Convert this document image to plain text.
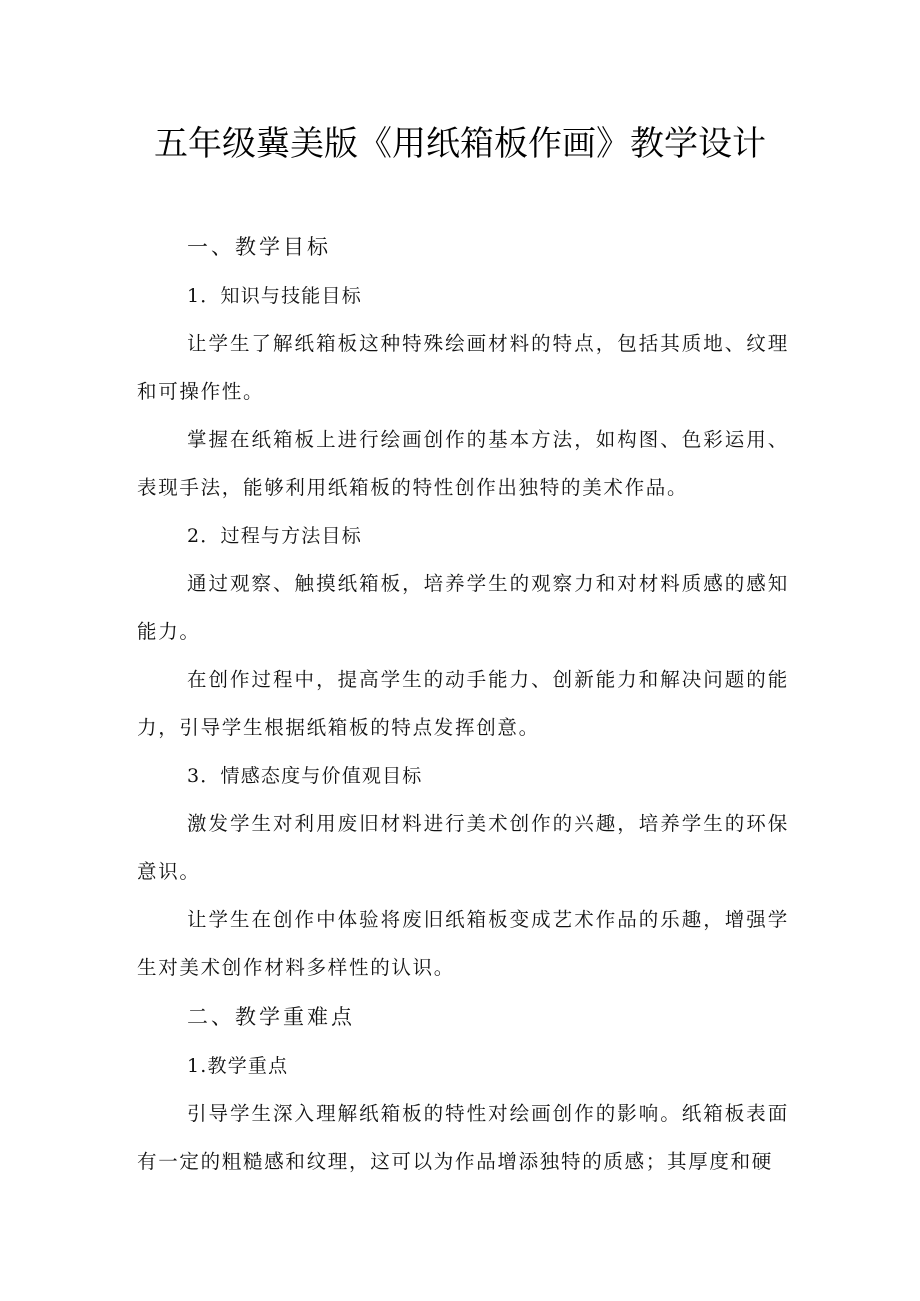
五年级冀美版《用纸箱板作画》教学设计
一、教学目标
1．知识与技能目标

让学生了解纸箱板这种特殊绘画材料的特点，包括其质地、纹理和可操作性。

掌握在纸箱板上进行绘画创作的基本方法，如构图、色彩运用、表现手法，能够利用纸箱板的特性创作出独特的美术作品。

2．过程与方法目标

通过观察、触摸纸箱板，培养学生的观察力和对材料质感的感知能力。

在创作过程中，提高学生的动手能力、创新能力和解决问题的能力，引导学生根据纸箱板的特点发挥创意。

3．情感态度与价值观目标

激发学生对利用废旧材料进行美术创作的兴趣，培养学生的环保意识。

让学生在创作中体验将废旧纸箱板变成艺术作品的乐趣，增强学生对美术创作材料多样性的认识。

二、教学重难点
1.教学重点

引导学生深入理解纸箱板的特性对绘画创作的影响。纸箱板表面有一定的粗糙感和纹理，这可以为作品增添独特的质感；其厚度和硬
